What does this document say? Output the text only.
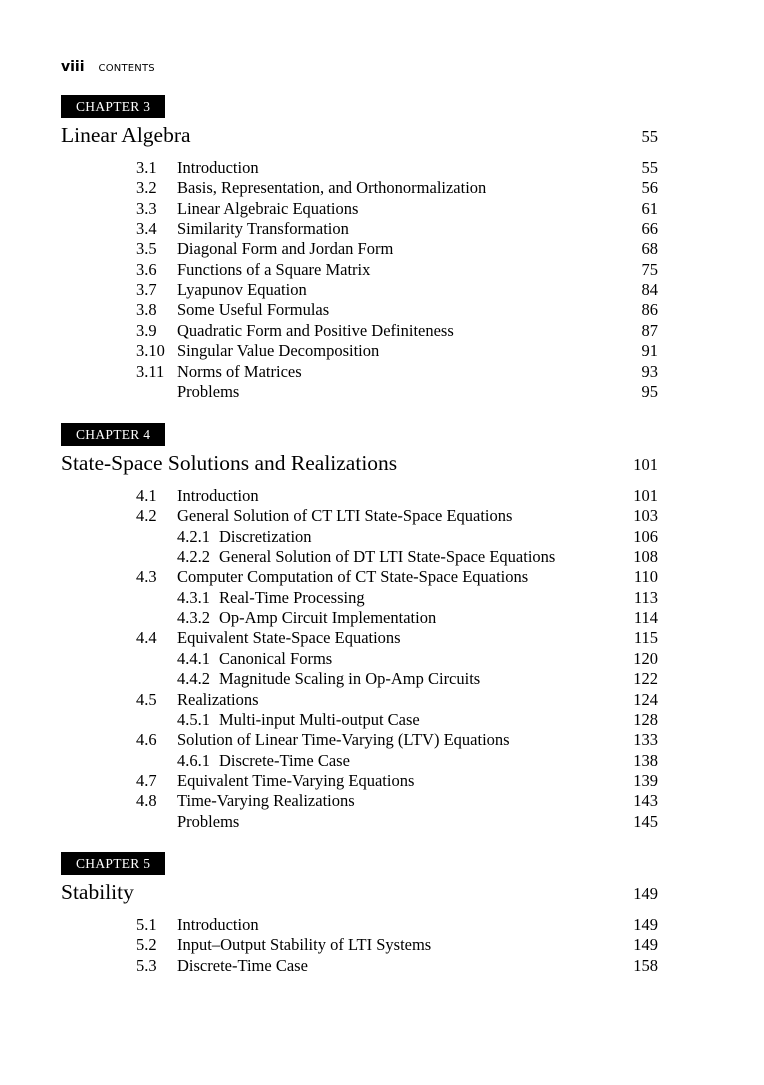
viii CONTENTS
CHAPTER 3
Linear Algebra	55
3.1 Introduction	55
3.2 Basis, Representation, and Orthonormalization	56
3.3 Linear Algebraic Equations	61
3.4 Similarity Transformation	66
3.5 Diagonal Form and Jordan Form	68
3.6 Functions of a Square Matrix	75
3.7 Lyapunov Equation	84
3.8 Some Useful Formulas	86
3.9 Quadratic Form and Positive Definiteness	87
3.10 Singular Value Decomposition	91
3.11 Norms of Matrices	93
Problems	95
CHAPTER 4
State-Space Solutions and Realizations	101
4.1 Introduction	101
4.2 General Solution of CT LTI State-Space Equations	103
4.2.1 Discretization	106
4.2.2 General Solution of DT LTI State-Space Equations	108
4.3 Computer Computation of CT State-Space Equations	110
4.3.1 Real-Time Processing	113
4.3.2 Op-Amp Circuit Implementation	114
4.4 Equivalent State-Space Equations	115
4.4.1 Canonical Forms	120
4.4.2 Magnitude Scaling in Op-Amp Circuits	122
4.5 Realizations	124
4.5.1 Multi-input Multi-output Case	128
4.6 Solution of Linear Time-Varying (LTV) Equations	133
4.6.1 Discrete-Time Case	138
4.7 Equivalent Time-Varying Equations	139
4.8 Time-Varying Realizations	143
Problems	145
CHAPTER 5
Stability	149
5.1 Introduction	149
5.2 Input–Output Stability of LTI Systems	149
5.3 Discrete-Time Case	158
